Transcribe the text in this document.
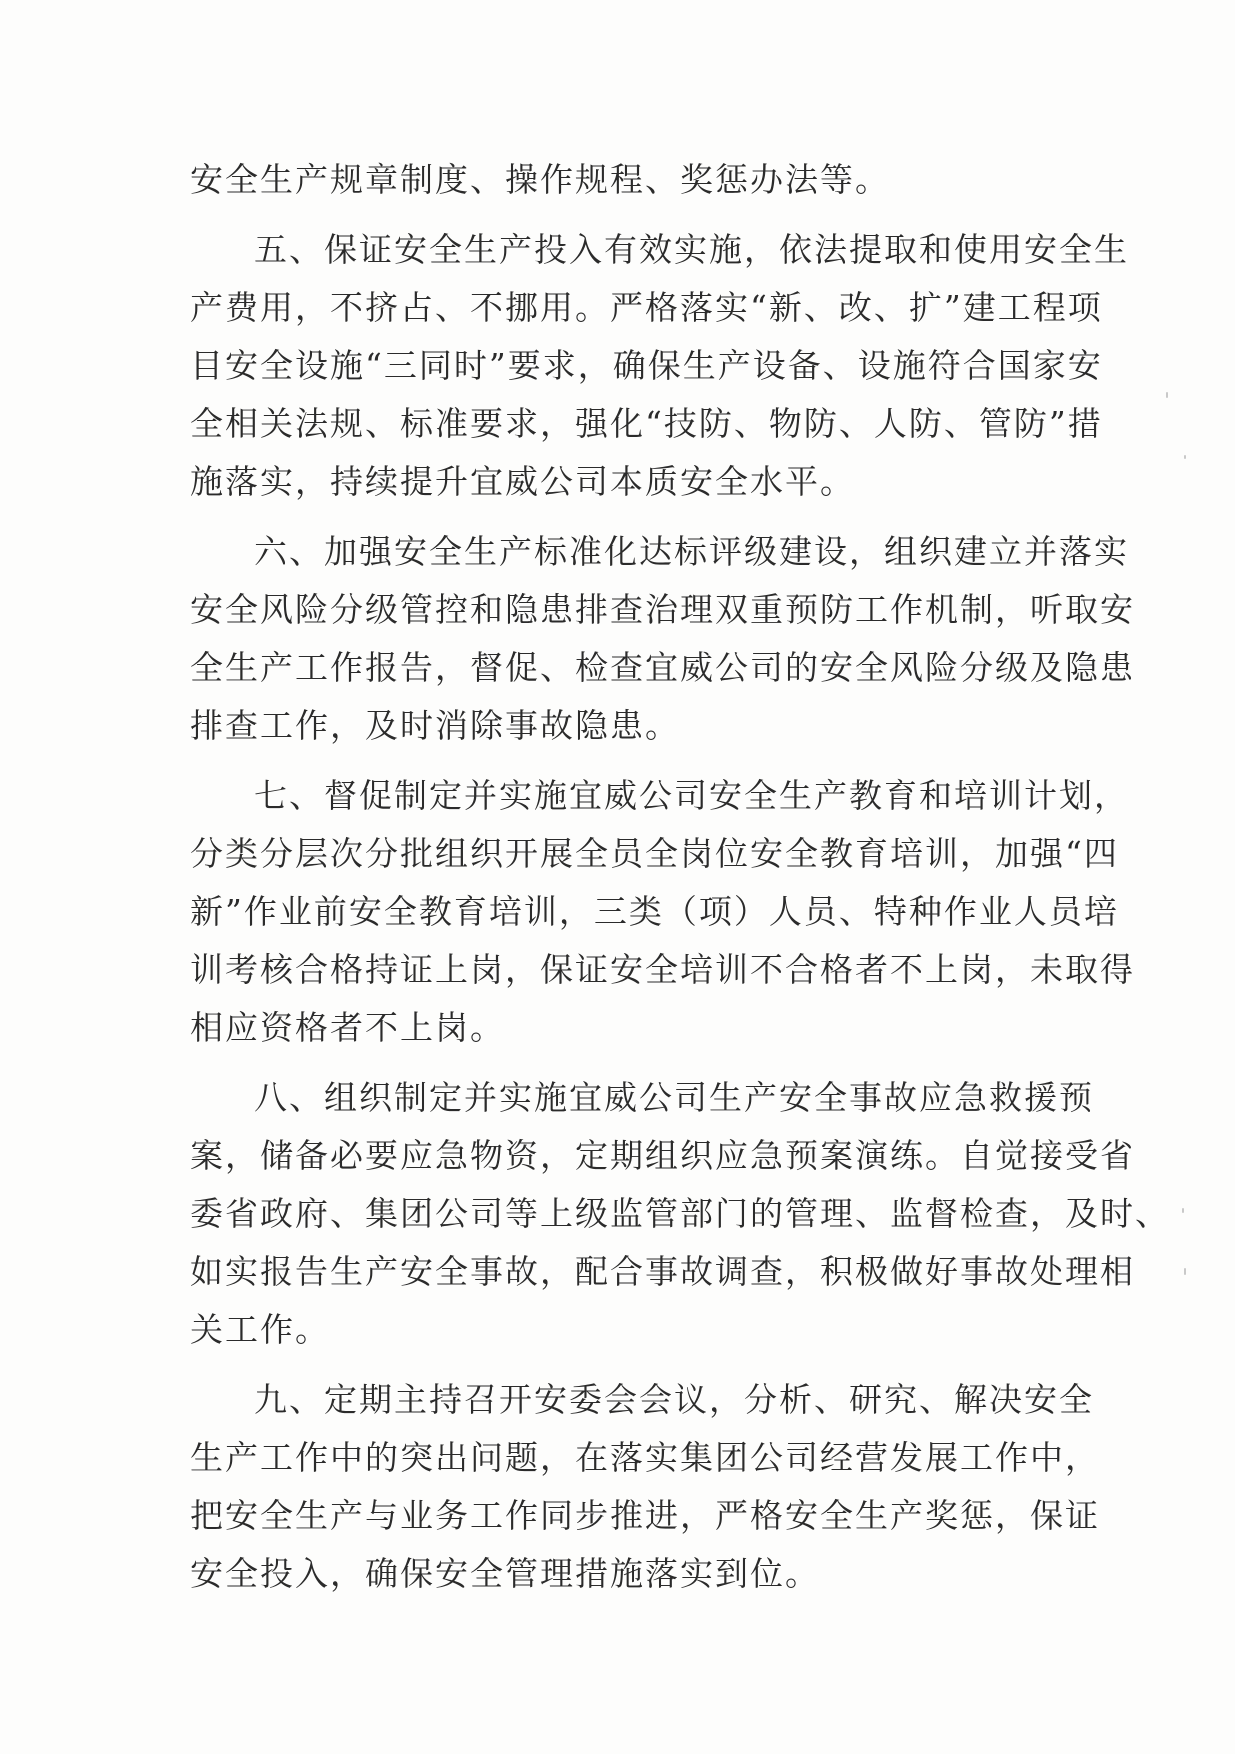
安全生产规章制度、操作规程、奖惩办法等。
五、保证安全生产投入有效实施，依法提取和使用安全生
产费用，不挤占、不挪用。严格落实“新、改、扩”建工程项
目安全设施“三同时”要求，确保生产设备、设施符合国家安
全相关法规、标准要求，强化“技防、物防、人防、管防”措
施落实，持续提升宜威公司本质安全水平。
六、加强安全生产标准化达标评级建设，组织建立并落实
安全风险分级管控和隐患排查治理双重预防工作机制，听取安
全生产工作报告，督促、检查宜威公司的安全风险分级及隐患
排查工作，及时消除事故隐患。
七、督促制定并实施宜威公司安全生产教育和培训计划，
分类分层次分批组织开展全员全岗位安全教育培训，加强“四
新”作业前安全教育培训，三类（项）人员、特种作业人员培
训考核合格持证上岗，保证安全培训不合格者不上岗，未取得
相应资格者不上岗。
八、组织制定并实施宜威公司生产安全事故应急救援预
案，储备必要应急物资，定期组织应急预案演练。自觉接受省
委省政府、集团公司等上级监管部门的管理、监督检查，及时、
如实报告生产安全事故，配合事故调查，积极做好事故处理相
关工作。
九、定期主持召开安委会会议，分析、研究、解决安全
生产工作中的突出问题，在落实集团公司经营发展工作中，
把安全生产与业务工作同步推进，严格安全生产奖惩，保证
安全投入，确保安全管理措施落实到位。
